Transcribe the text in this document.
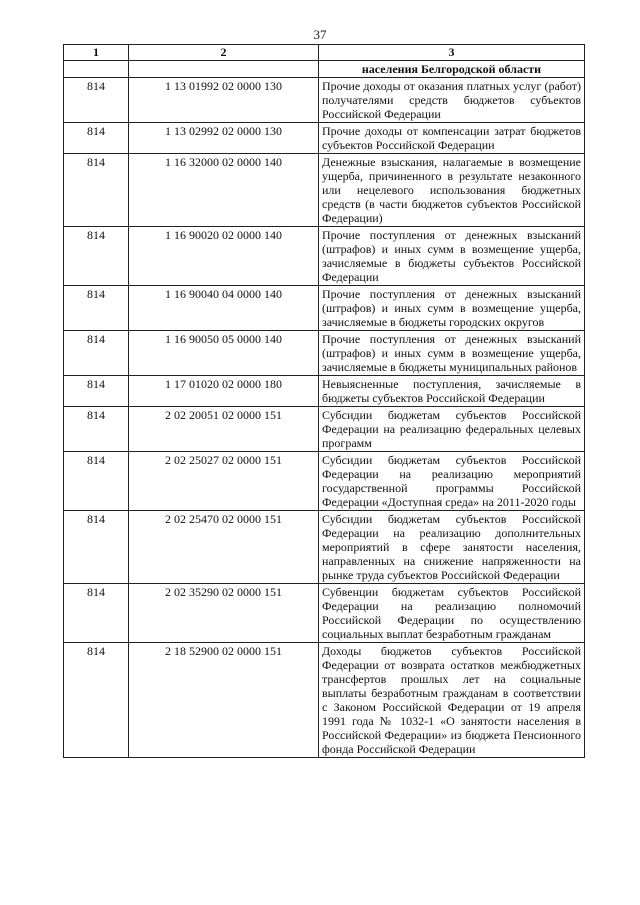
37
1	2	3
		населения Белгородской области
814	1 13 01992 02 0000 130	Прочие доходы от оказания платных услуг (работ) получателями средств бюджетов субъектов Российской Федерации
814	1 13 02992 02 0000 130	Прочие доходы от компенсации затрат бюджетов субъектов Российской Федерации
814	1 16 32000 02 0000 140	Денежные взыскания, налагаемые в возмещение ущерба, причиненного в результате незаконного или нецелевого использования бюджетных средств (в части бюджетов субъектов Российской Федерации)
814	1 16 90020 02 0000 140	Прочие поступления от денежных взысканий (штрафов) и иных сумм в возмещение ущерба, зачисляемые в бюджеты субъектов Российской Федерации
814	1 16 90040 04 0000 140	Прочие поступления от денежных взысканий (штрафов) и иных сумм в возмещение ущерба, зачисляемые в бюджеты городских округов
814	1 16 90050 05 0000 140	Прочие поступления от денежных взысканий (штрафов) и иных сумм в возмещение ущерба, зачисляемые в бюджеты муниципальных районов
814	1 17 01020 02 0000 180	Невыясненные поступления, зачисляемые в бюджеты субъектов Российской Федерации
814	2 02 20051 02 0000 151	Субсидии бюджетам субъектов Российской Федерации на реализацию федеральных целевых программ
814	2 02 25027 02 0000 151	Субсидии бюджетам субъектов Российской Федерации на реализацию мероприятий государственной программы Российской Федерации «Доступная среда» на 2011-2020 годы
814	2 02 25470 02 0000 151	Субсидии бюджетам субъектов Российской Федерации на реализацию дополнительных мероприятий в сфере занятости населения, направленных на снижение напряженности на рынке труда субъектов Российской Федерации
814	2 02 35290 02 0000 151	Субвенции бюджетам субъектов Российской Федерации на реализацию полномочий Российской Федерации по осуществлению социальных выплат безработным гражданам
814	2 18 52900 02 0000 151	Доходы бюджетов субъектов Российской Федерации от возврата остатков межбюджетных трансфертов прошлых лет на социальные выплаты безработным гражданам в соответствии с Законом Российской Федерации от 19 апреля 1991 года № 1032-1 «О занятости населения в Российской Федерации» из бюджета Пенсионного фонда Российской Федерации
